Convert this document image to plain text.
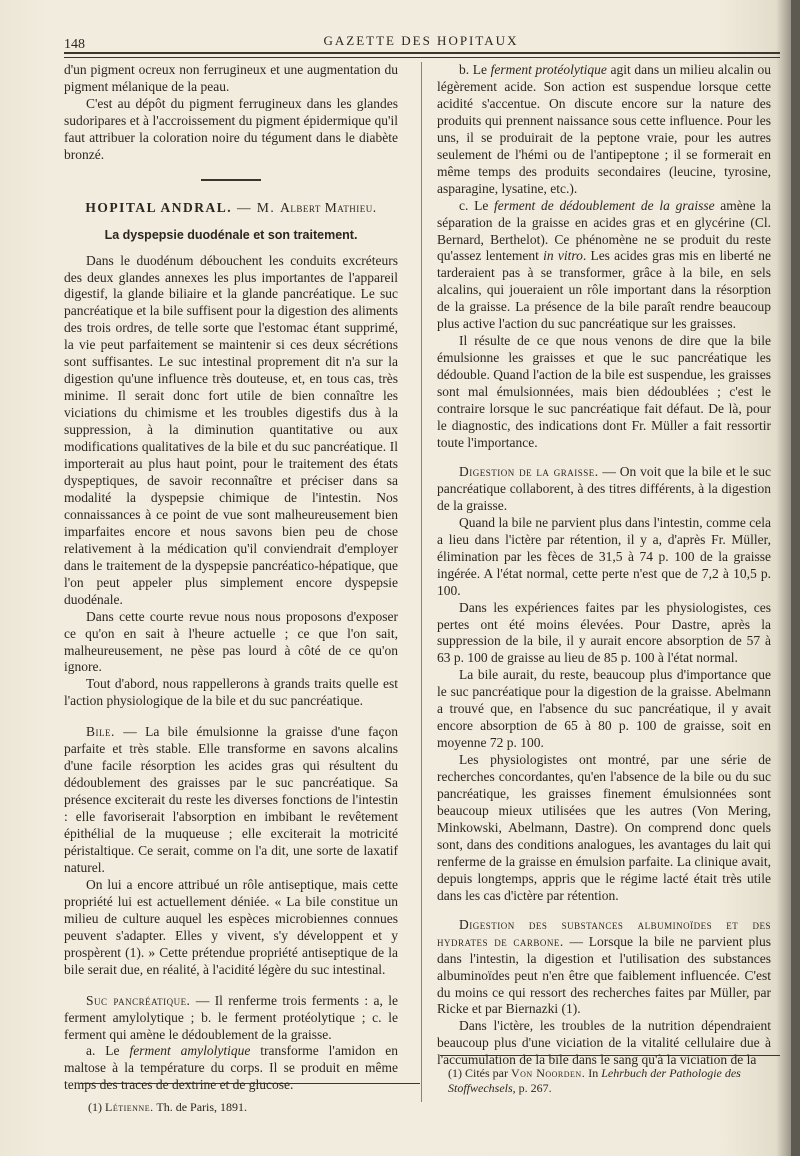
148	GAZETTE DES HOPITAUX

d'un pigment ocreux non ferrugineux et une augmentation du pigment mélanique de la peau.

C'est au dépôt du pigment ferrugineux dans les glandes sudoripares et à l'accroissement du pigment épidermique qu'il faut attribuer la coloration noire du tégument dans le diabète bronzé.

HOPITAL ANDRAL. — M. Albert Mathieu.

La dyspepsie duodénale et son traitement.

Dans le duodénum débouchent les conduits excréteurs des deux glandes annexes les plus importantes de l'appareil digestif, la glande biliaire et la glande pancréatique. Le suc pancréatique et la bile suffisent pour la digestion des aliments des trois ordres, de telle sorte que l'estomac étant supprimé, la vie peut parfaitement se maintenir si ces deux sécrétions sont suffisantes. Le suc intestinal proprement dit n'a sur la digestion qu'une influence très douteuse, et, en tous cas, très minime. Il serait donc fort utile de bien connaître les viciations du chimisme et les troubles digestifs dus à la suppression, à la diminution quantitative ou aux modifications qualitatives de la bile et du suc pancréatique. Il importerait au plus haut point, pour le traitement des états dyspeptiques, de savoir reconnaître et préciser dans sa modalité la dyspepsie chimique de l'intestin. Nos connaissances à ce point de vue sont malheureusement bien imparfaites encore et nous savons bien peu de chose relativement à la médication qu'il conviendrait d'employer dans le traitement de la dyspepsie pancréatico-hépatique, que l'on peut appeler plus simplement encore dyspepsie duodénale.

Dans cette courte revue nous nous proposons d'exposer ce qu'on en sait à l'heure actuelle ; ce que l'on sait, malheureusement, ne pèse pas lourd à côté de ce qu'on ignore.

Tout d'abord, nous rappellerons à grands traits quelle est l'action physiologique de la bile et du suc pancréatique.

Bile. — La bile émulsionne la graisse d'une façon parfaite et très stable. Elle transforme en savons alcalins d'une facile résorption les acides gras qui résultent du dédoublement des graisses par le suc pancréatique. Sa présence exciterait du reste les diverses fonctions de l'intestin : elle favoriserait l'absorption en imbibant le revêtement épithélial de la muqueuse ; elle exciterait la motricité péristaltique. Ce serait, comme on l'a dit, une sorte de laxatif naturel.

On lui a encore attribué un rôle antiseptique, mais cette propriété lui est actuellement déniée. « La bile constitue un milieu de culture auquel les espèces microbiennes connues peuvent s'adapter. Elles y vivent, s'y développent et y prospèrent (1). » Cette prétendue propriété antiseptique de la bile serait due, en réalité, à l'acidité légère du suc intestinal.

Suc pancréatique. — Il renferme trois ferments : a, le ferment amylolytique ; b. le ferment protéolytique ; c. le ferment qui amène le dédoublement de la graisse.

a. Le ferment amylolytique transforme l'amidon en maltose à la température du corps. Il se produit en même temps des traces de dextrine et de glucose.

(1) Létienne. Th. de Paris, 1891.

b. Le ferment protéolytique agit dans un milieu alcalin ou légèrement acide. Son action est suspendue lorsque cette acidité s'accentue. On discute encore sur la nature des produits qui prennent naissance sous cette influence. Pour les uns, il se produirait de la peptone vraie, pour les autres seulement de l'hémi ou de l'antipeptone ; il se formerait en même temps des produits secondaires (leucine, tyrosine, asparagine, lysatine, etc.).

c. Le ferment de dédoublement de la graisse amène la séparation de la graisse en acides gras et en glycérine (Cl. Bernard, Berthelot). Ce phénomène ne se produit du reste qu'assez lentement in vitro. Les acides gras mis en liberté ne tarderaient pas à se transformer, grâce à la bile, en sels alcalins, qui joueraient un rôle important dans la résorption de la graisse. La présence de la bile paraît rendre beaucoup plus active l'action du suc pancréatique sur les graisses.

Il résulte de ce que nous venons de dire que la bile émulsionne les graisses et que le suc pancréatique les dédouble. Quand l'action de la bile est suspendue, les graisses sont mal émulsionnées, mais bien dédoublées ; c'est le contraire lorsque le suc pancréatique fait défaut. De là, pour le diagnostic, des indications dont Fr. Müller a fait ressortir toute l'importance.

Digestion de la graisse. — On voit que la bile et le suc pancréatique collaborent, à des titres différents, à la digestion de la graisse.

Quand la bile ne parvient plus dans l'intestin, comme cela a lieu dans l'ictère par rétention, il y a, d'après Fr. Müller, élimination par les fèces de 31,5 à 74 p. 100 de la graisse ingérée. A l'état normal, cette perte n'est que de 7,2 à 10,5 p. 100.

Dans les expériences faites par les physiologistes, ces pertes ont été moins élevées. Pour Dastre, après la suppression de la bile, il y aurait encore absorption de 57 à 63 p. 100 de graisse au lieu de 85 p. 100 à l'état normal.

La bile aurait, du reste, beaucoup plus d'importance que le suc pancréatique pour la digestion de la graisse. Abelmann a trouvé que, en l'absence du suc pancréatique, il y avait encore absorption de 65 à 80 p. 100 de graisse, soit en moyenne 72 p. 100.

Les physiologistes ont montré, par une série de recherches concordantes, qu'en l'absence de la bile ou du suc pancréatique, les graisses finement émulsionnées sont beaucoup mieux utilisées que les autres (Von Mering, Minkowski, Abelmann, Dastre). On comprend donc quels sont, dans des conditions analogues, les avantages du lait qui renferme de la graisse en émulsion parfaite. La clinique avait, depuis longtemps, appris que le régime lacté était très utile dans les cas d'ictère par rétention.

Digestion des substances albuminoïdes et des hydrates de carbone. — Lorsque la bile ne parvient plus dans l'intestin, la digestion et l'utilisation des substances albuminoïdes peut n'en être que faiblement influencée. C'est du moins ce qui ressort des recherches faites par Müller, par Ricke et par Biernazki (1).

Dans l'ictère, les troubles de la nutrition dépendraient beaucoup plus d'une viciation de la vitalité cellulaire due à l'accumulation de la bile dans le sang qu'à la viciation de la

(1) Cités par Von Noorden. In Lehrbuch der Pathologie des Stoffwechsels, p. 267.
